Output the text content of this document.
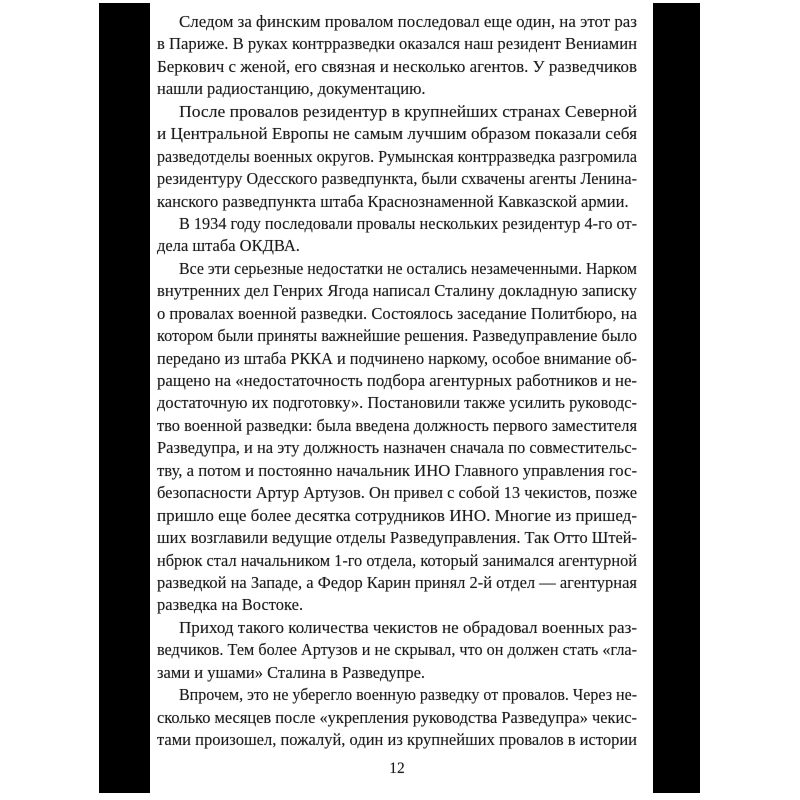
Следом за финским провалом последовал еще один, на этот раз
в Париже. В руках контрразведки оказался наш резидент Вениамин
Беркович с женой, его связная и несколько агентов. У разведчиков
нашли радиостанцию, документацию.
После провалов резидентур в крупнейших странах Северной
и Центральной Европы не самым лучшим образом показали себя
разведотделы военных округов. Румынская контрразведка разгромила
резидентуру Одесского разведпункта, были схвачены агенты Ленина-
канского разведпункта штаба Краснознаменной Кавказской армии.
В 1934 году последовали провалы нескольких резидентур 4-го от-
дела штаба ОКДВА.
Все эти серьезные недостатки не остались незамеченными. Нарком
внутренних дел Генрих Ягода написал Сталину докладную записку
о провалах военной разведки. Состоялось заседание Политбюро, на
котором были приняты важнейшие решения. Разведуправление было
передано из штаба РККА и подчинено наркому, особое внимание об-
ращено на «недостаточность подбора агентурных работников и не-
достаточную их подготовку». Постановили также усилить руководс-
тво военной разведки: была введена должность первого заместителя
Разведупра, и на эту должность назначен сначала по совместительс-
тву, а потом и постоянно начальник ИНО Главного управления гос-
безопасности Артур Артузов. Он привел с собой 13 чекистов, позже
пришло еще более десятка сотрудников ИНО. Многие из пришед-
ших возглавили ведущие отделы Разведуправления. Так Отто Штей-
нбрюк стал начальником 1-го отдела, который занимался агентурной
разведкой на Западе, а Федор Карин принял 2-й отдел — агентурная
разведка на Востоке.
Приход такого количества чекистов не обрадовал военных раз-
ведчиков. Тем более Артузов и не скрывал, что он должен стать «гла-
зами и ушами» Сталина в Разведупре.
Впрочем, это не уберегло военную разведку от провалов. Через не-
сколько месяцев после «укрепления руководства Разведупра» чекис-
тами произошел, пожалуй, один из крупнейших провалов в истории
12
